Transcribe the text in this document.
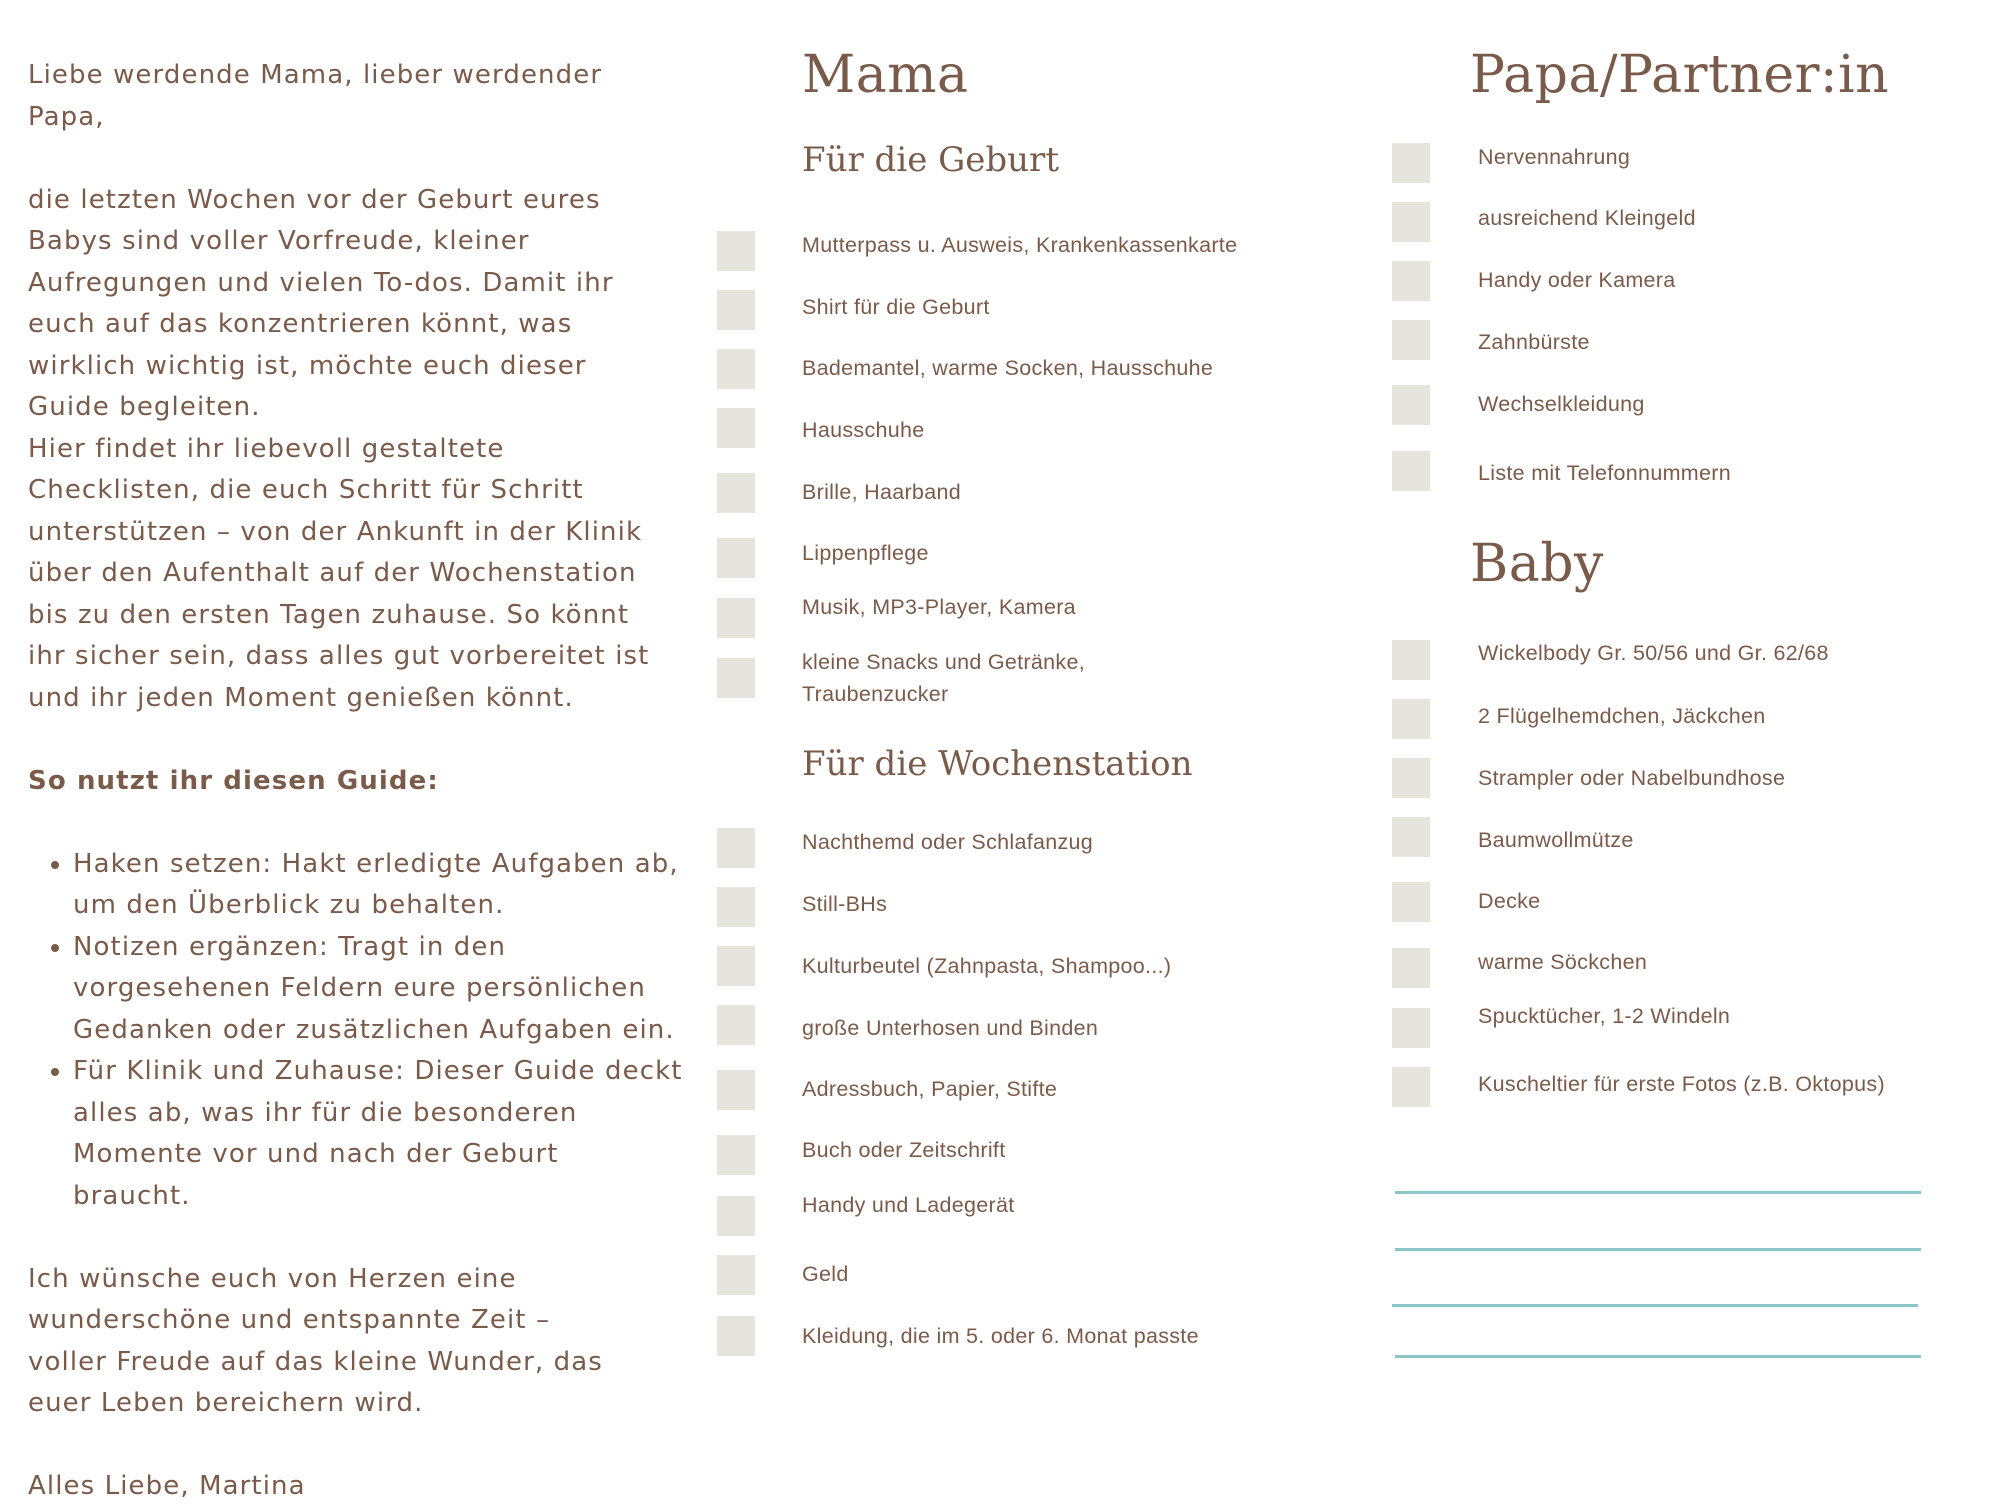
Liebe werdende Mama, lieber werdender Papa,

die letzten Wochen vor der Geburt eures Babys sind voller Vorfreude, kleiner Aufregungen und vielen To-dos. Damit ihr euch auf das konzentrieren könnt, was wirklich wichtig ist, möchte euch dieser Guide begleiten.

Hier findet ihr liebevoll gestaltete Checklisten, die euch Schritt für Schritt unterstützen – von der Ankunft in der Klinik über den Aufenthalt auf der Wochenstation bis zu den ersten Tagen zuhause. So könnt ihr sicher sein, dass alles gut vorbereitet ist und ihr jeden Moment genießen könnt.

So nutzt ihr diesen Guide:

• Haken setzen: Hakt erledigte Aufgaben ab, um den Überblick zu behalten.
• Notizen ergänzen: Tragt in den vorgesehenen Feldern eure persönlichen Gedanken oder zusätzlichen Aufgaben ein.
• Für Klinik und Zuhause: Dieser Guide deckt alles ab, was ihr für die besonderen Momente vor und nach der Geburt braucht.

Ich wünsche euch von Herzen eine wunderschöne und entspannte Zeit – voller Freude auf das kleine Wunder, das euer Leben bereichern wird.

Alles Liebe, Martina

Mama
Für die Geburt
Mutterpass u. Ausweis, Krankenkassenkarte
Shirt für die Geburt
Bademantel, warme Socken, Hausschuhe
Hausschuhe
Brille, Haarband
Lippenpflege
Musik, MP3-Player, Kamera
kleine Snacks und Getränke,
Traubenzucker
Für die Wochenstation
Nachthemd oder Schlafanzug
Still-BHs
Kulturbeutel (Zahnpasta, Shampoo...)
große Unterhosen und Binden
Adressbuch, Papier, Stifte
Buch oder Zeitschrift
Handy und Ladegerät
Geld
Kleidung, die im 5. oder 6. Monat passte
Papa/Partner:in
Nervennahrung
ausreichend Kleingeld
Handy oder Kamera
Zahnbürste
Wechselkleidung
Liste mit Telefonnummern
Baby
Wickelbody Gr. 50/56 und Gr. 62/68
2 Flügelhemdchen, Jäckchen
Strampler oder Nabelbundhose
Baumwollmütze
Decke
warme Söckchen
Spucktücher, 1-2 Windeln
Kuscheltier für erste Fotos (z.B. Oktopus)
